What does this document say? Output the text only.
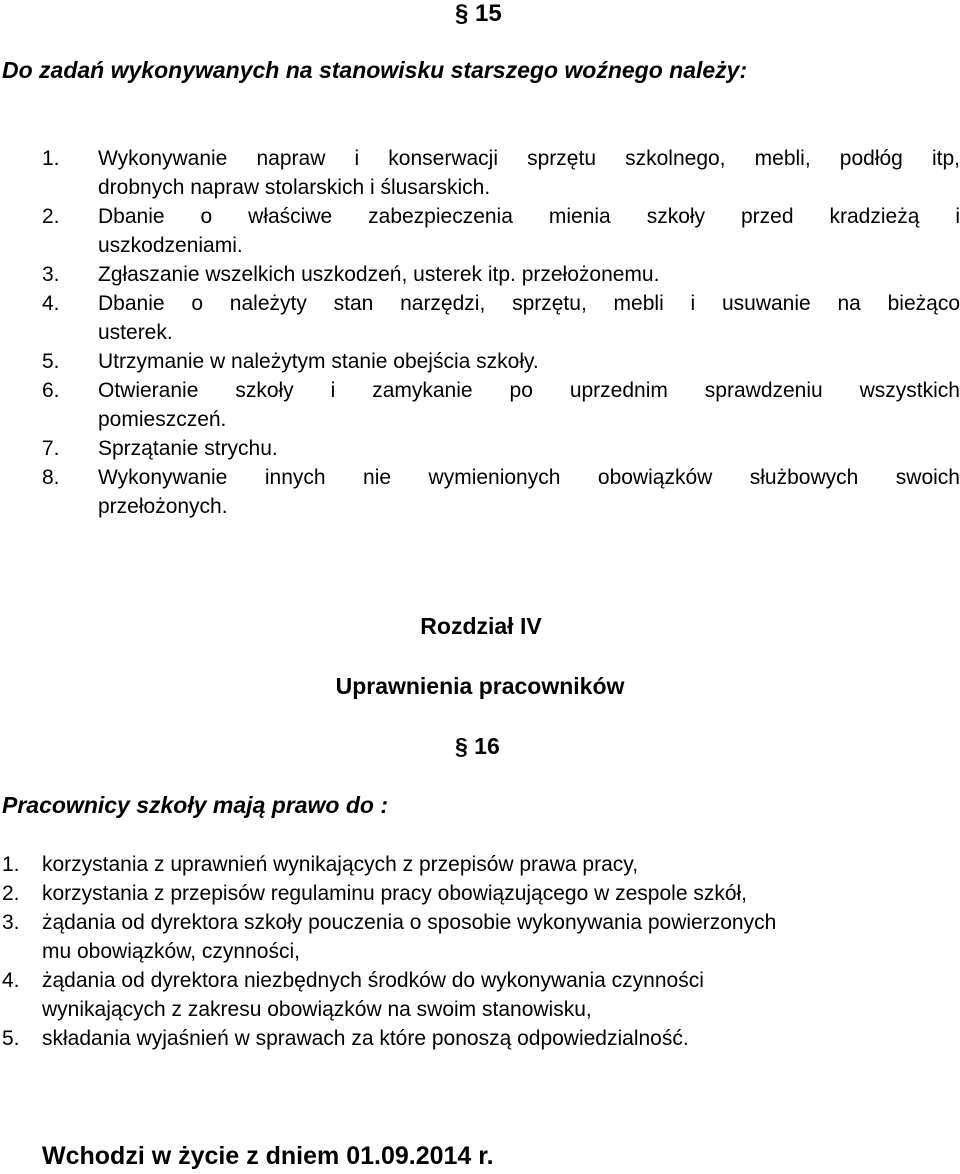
§ 15
Do zadań wykonywanych na stanowisku starszego woźnego należy:
1. Wykonywanie napraw i konserwacji sprzętu szkolnego, mebli, podłóg itp,
drobnych napraw stolarskich i ślusarskich.
2. Dbanie o właściwe zabezpieczenia mienia szkoły przed kradzieżą i
uszkodzeniami.
3. Zgłaszanie wszelkich uszkodzeń, usterek itp. przełożonemu.
4. Dbanie o należyty stan narzędzi, sprzętu, mebli i usuwanie na bieżąco
usterek.
5. Utrzymanie w należytym stanie obejścia szkoły.
6. Otwieranie szkoły i zamykanie po uprzednim sprawdzeniu wszystkich
pomieszczeń.
7. Sprzątanie strychu.
8. Wykonywanie innych nie wymienionych obowiązków służbowych swoich
przełożonych.
Rozdział IV
Uprawnienia pracowników
§ 16
Pracownicy szkoły mają prawo do :
1. korzystania z uprawnień wynikających z przepisów prawa pracy,
2. korzystania z przepisów regulaminu pracy obowiązującego w zespole szkół,
3. żądania od dyrektora szkoły pouczenia o sposobie wykonywania powierzonych
mu obowiązków, czynności,
4. żądania od dyrektora niezbędnych środków do wykonywania czynności
wynikających z zakresu obowiązków na swoim stanowisku,
5. składania wyjaśnień w sprawach za które ponoszą odpowiedzialność.
Wchodzi w życie z dniem 01.09.2014 r.
